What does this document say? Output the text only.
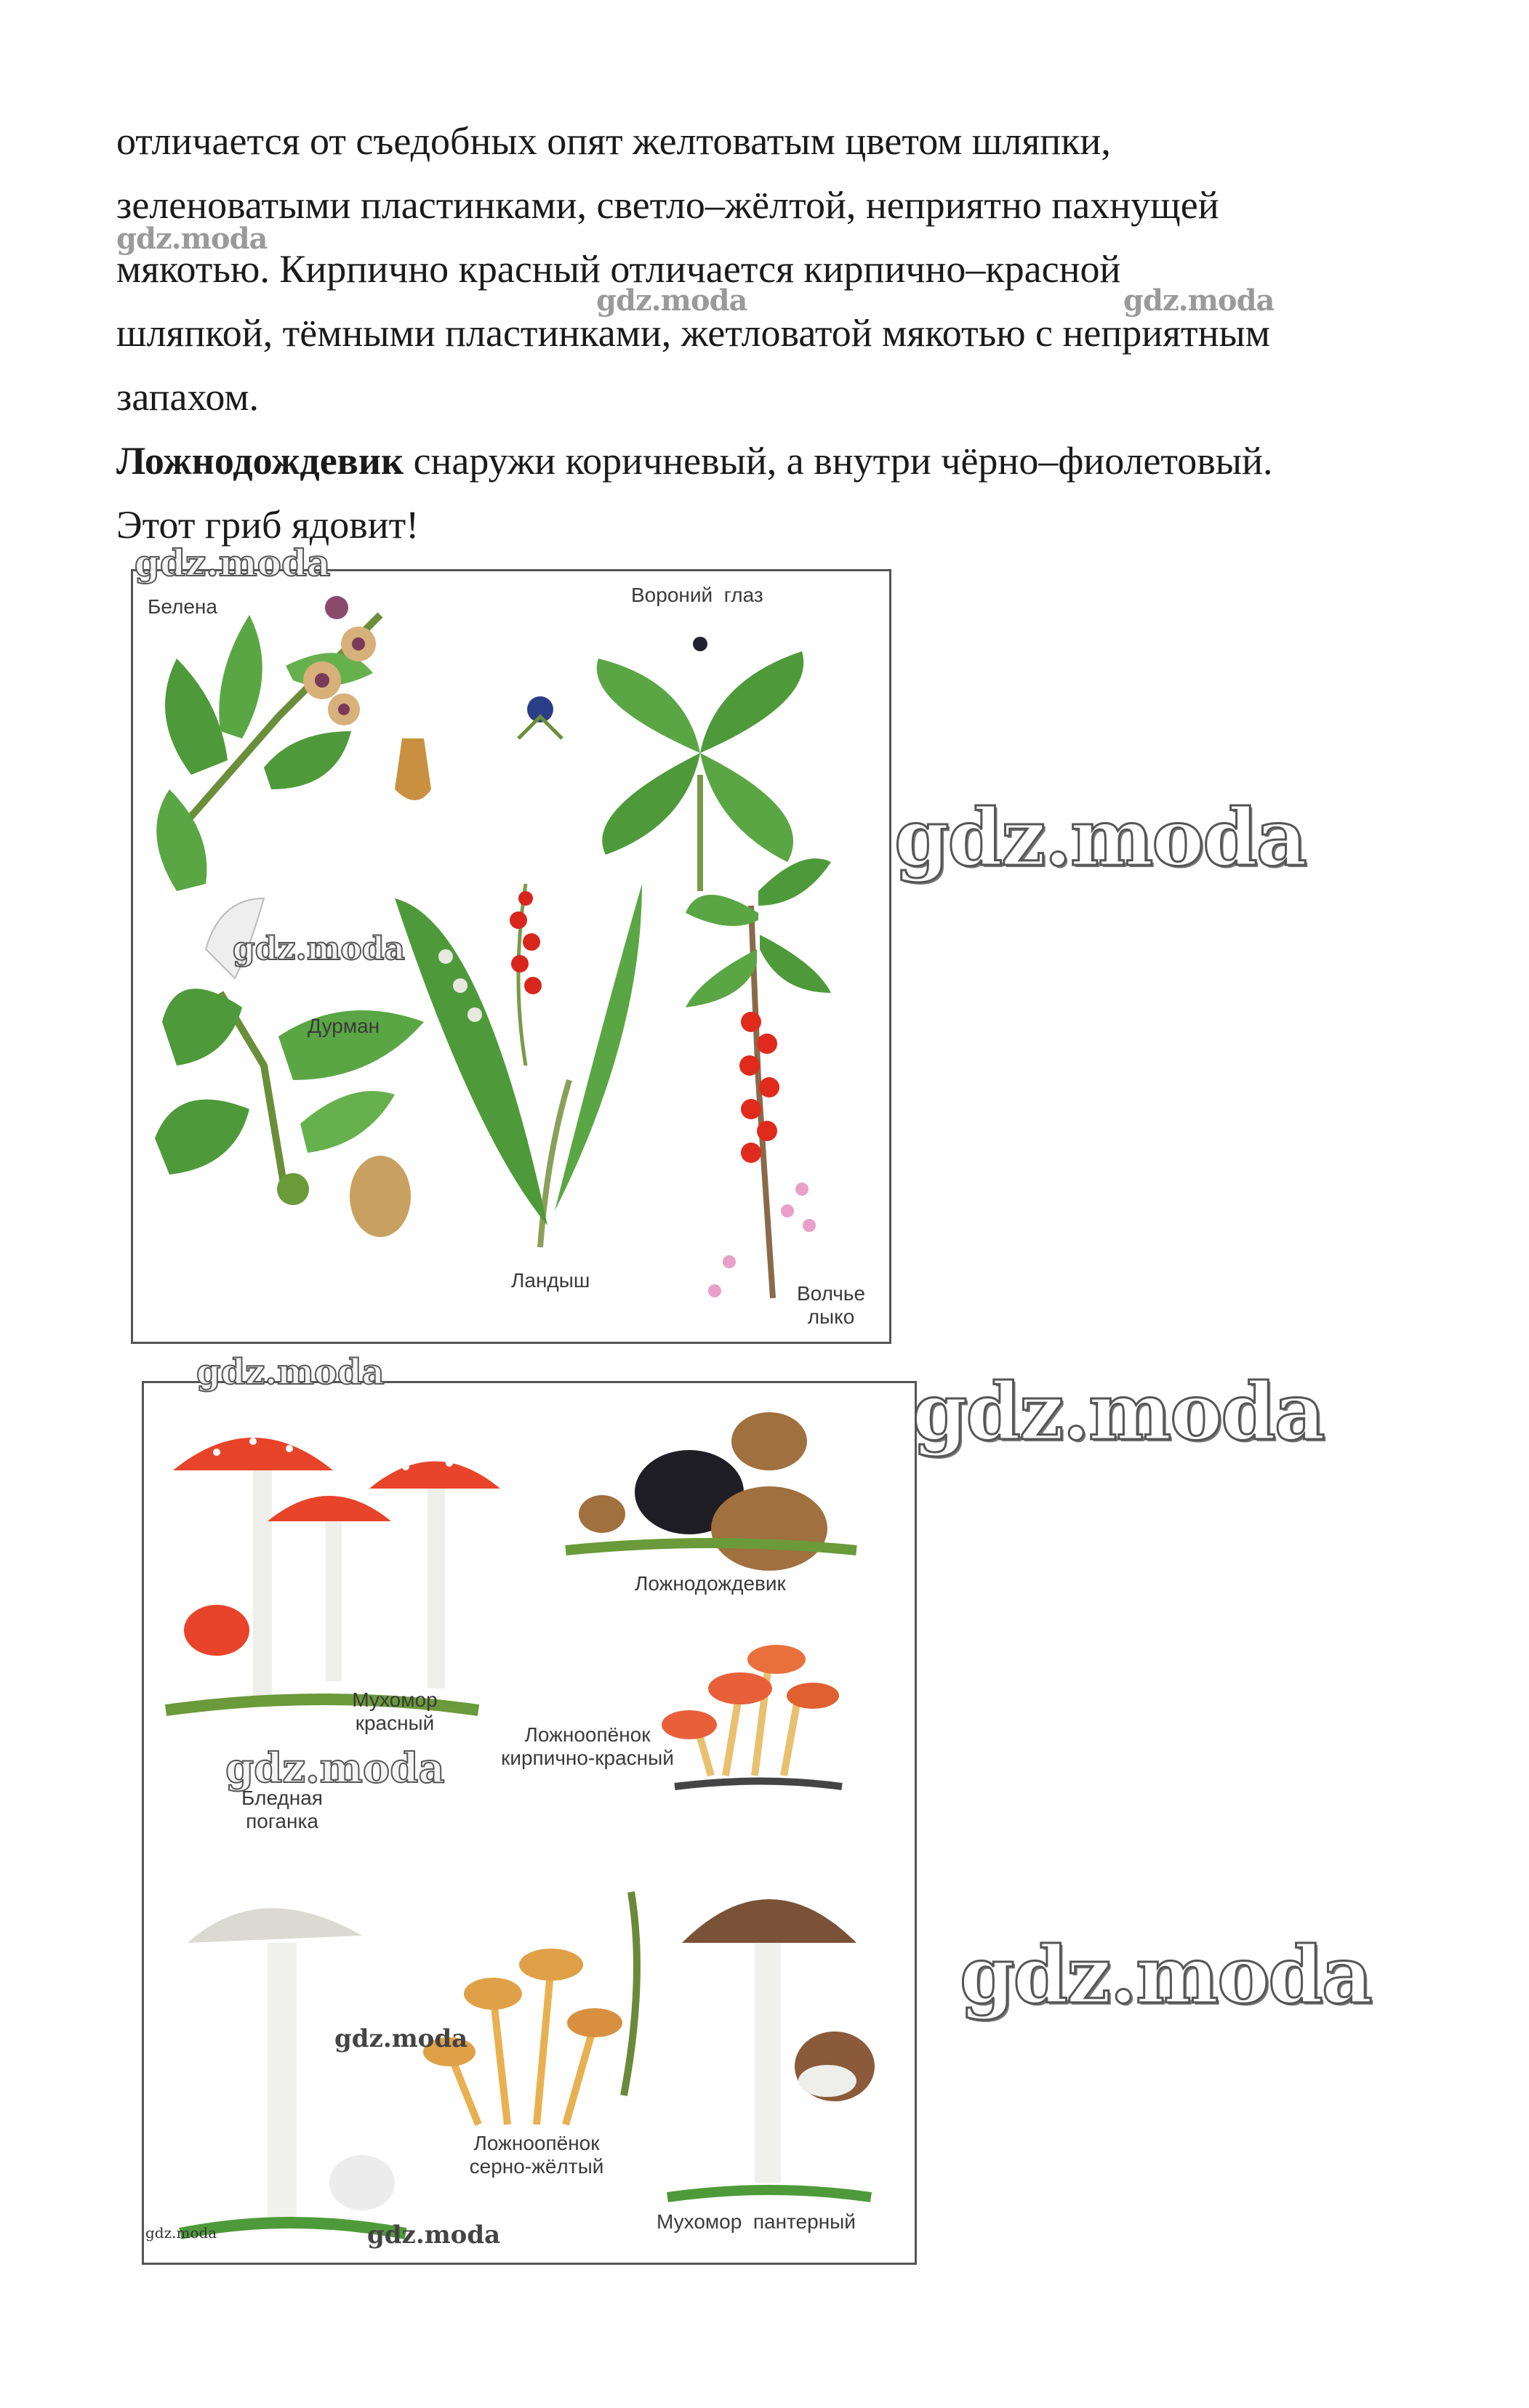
отличается от съедобных опят желтоватым цветом шляпки,

зеленоватыми пластинками, светло–жёлтой, неприятно пахнущей

мякотью. Кирпично красный отличается кирпично–красной

шляпкой, тёмными пластинками, жетловатой мякотью с неприятным

запахом.

Ложнодождевик снаружи коричневый, а внутри чёрно–фиолетовый.

Этот гриб ядовит!

gdz.moda
gdz.moda	gdz.moda
Белена
Вороний  глаз
Дурман
Ландыш
Волчье
лыко
gdz.moda
gdz.moda
gdz.moda
Ложнодождевик
Мухомор
красный
Ложноопёнок
кирпично-красный
Бледная
поганка
Ложноопёнок
серно-жёлтый
Мухомор  пантерный
gdz.moda	gdz.moda
gdz.moda
gdz.moda
gdz.moda
gdz.moda	gdz.moda
